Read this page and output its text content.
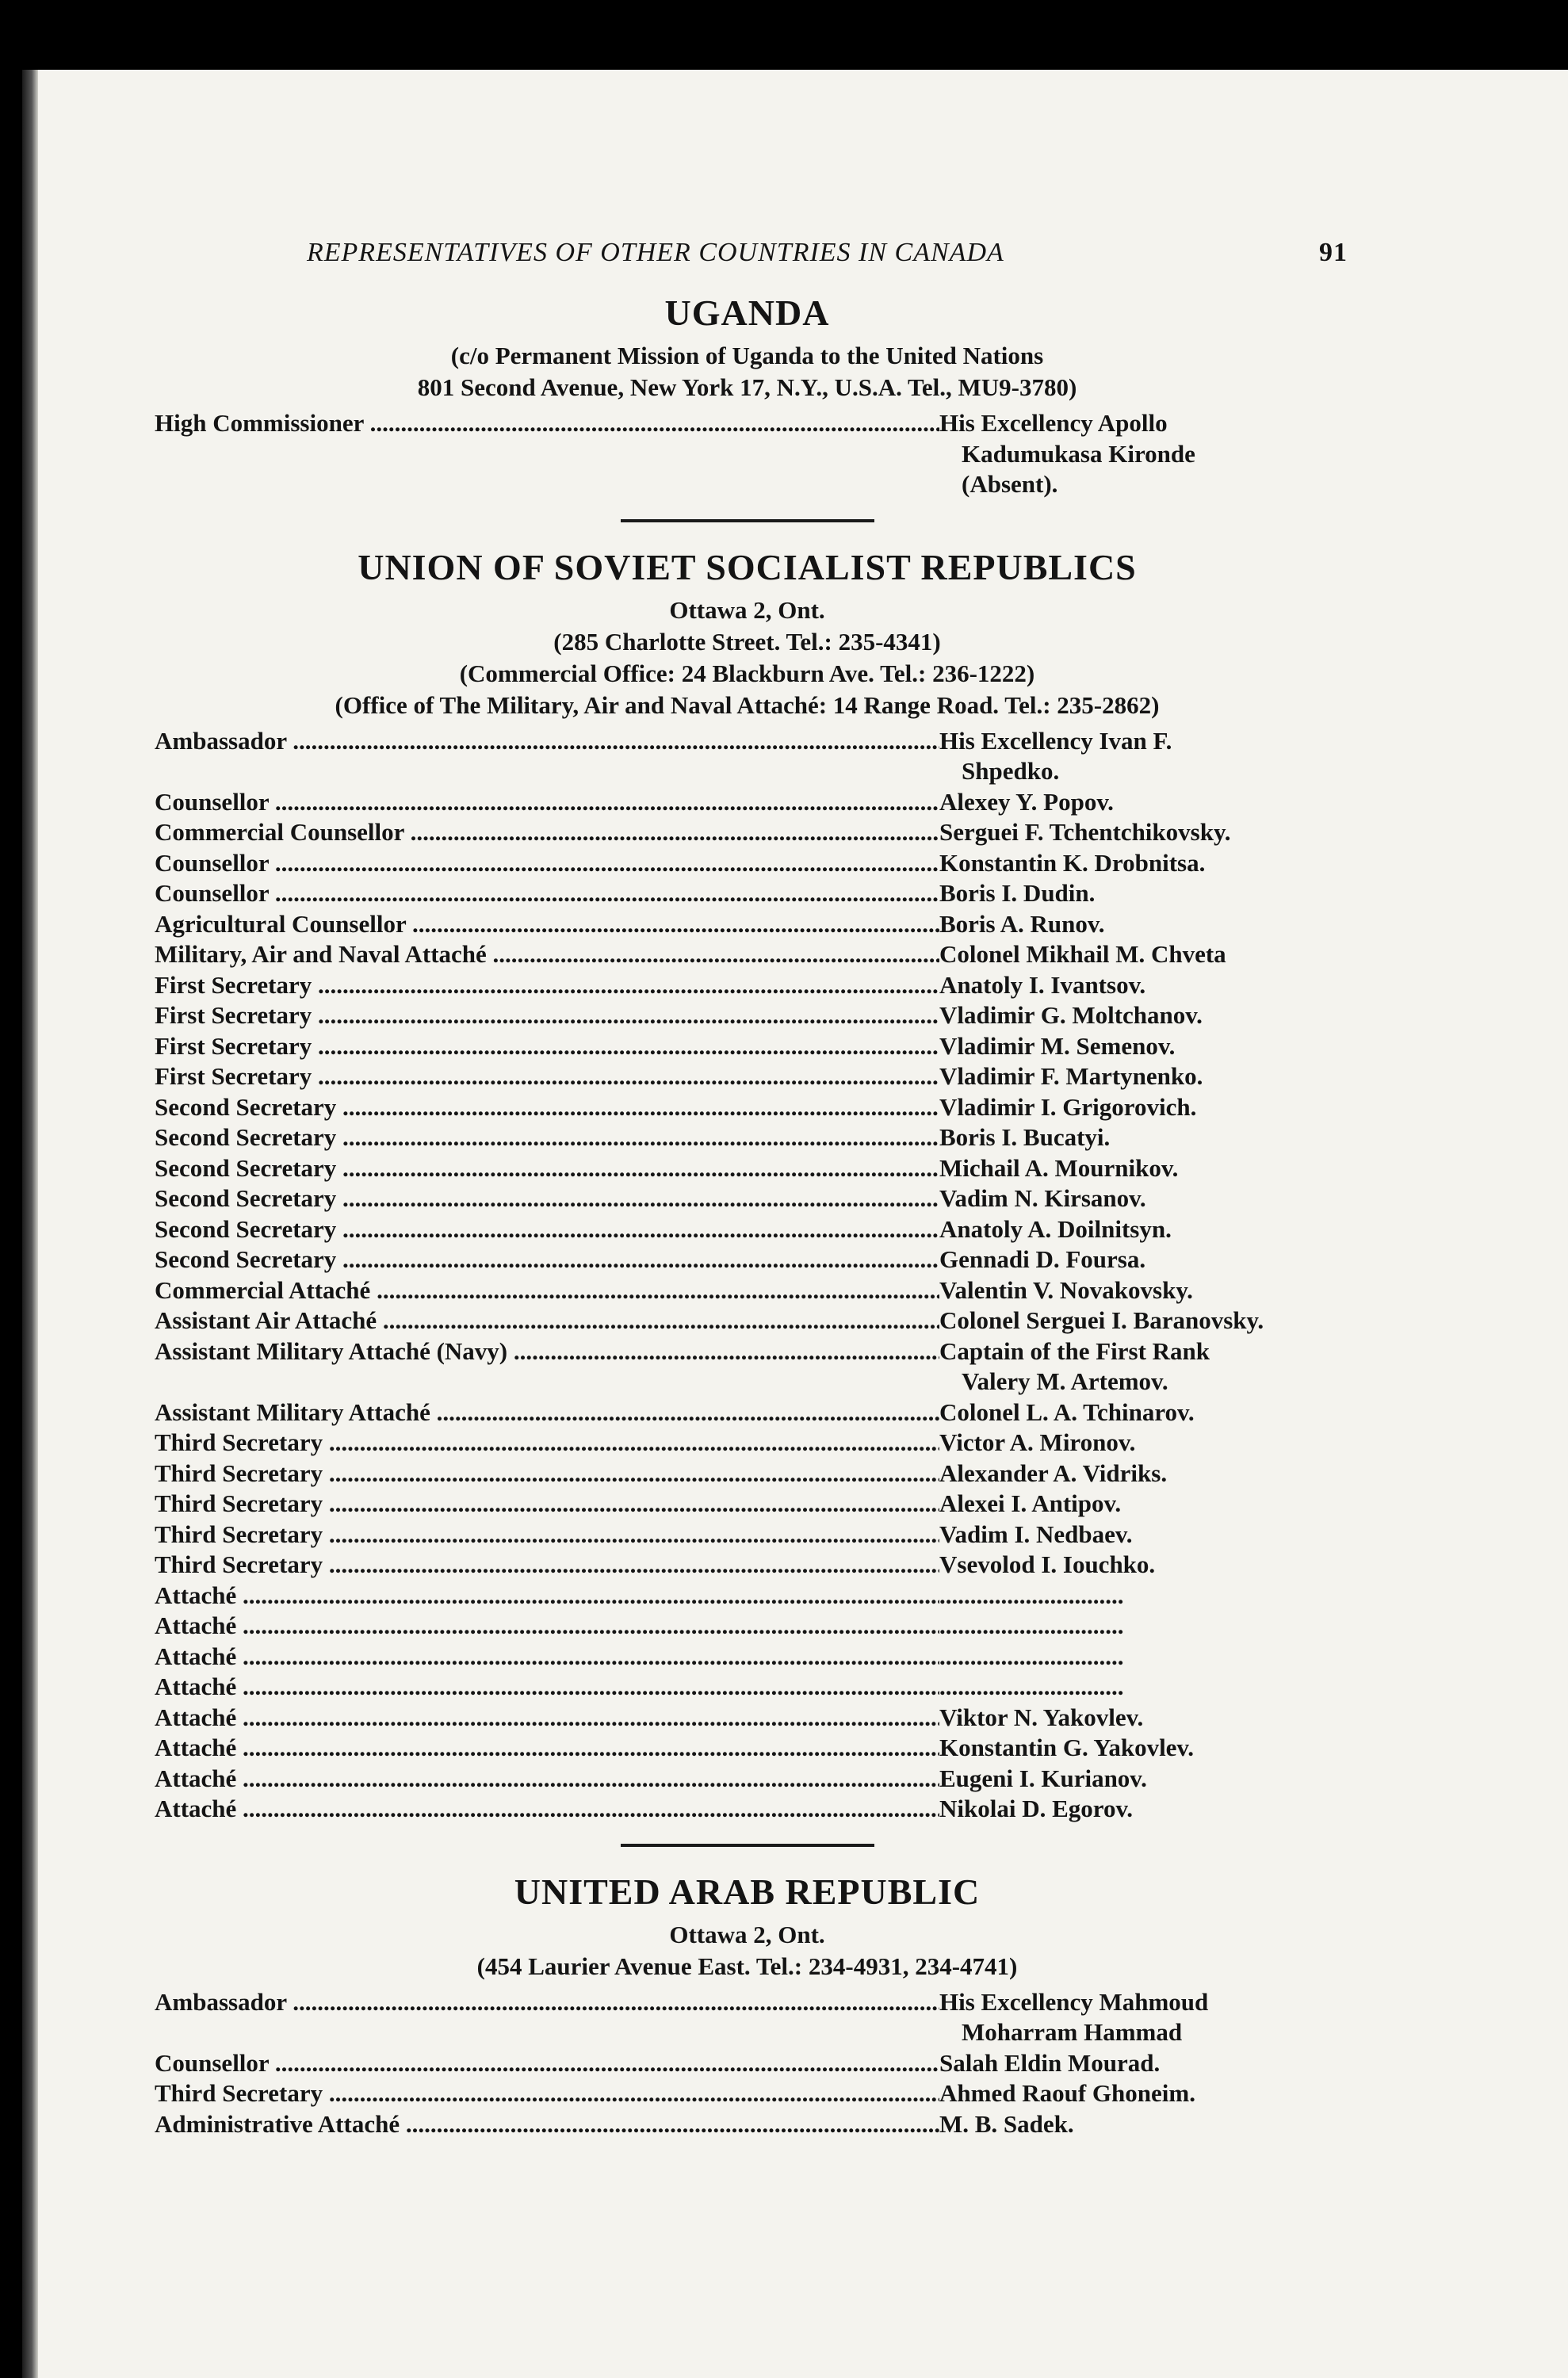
REPRESENTATIVES OF OTHER COUNTRIES IN CANADA	91
UGANDA
(c/o Permanent Mission of Uganda to the United Nations
801 Second Avenue, New York 17, N.Y., U.S.A. Tel., MU9-3780)
High Commissioner .....	His Excellency Apollo
Kadumukasa Kironde
(Absent).
UNION OF SOVIET SOCIALIST REPUBLICS
Ottawa 2, Ont.
(285 Charlotte Street. Tel.: 235-4341)
(Commercial Office: 24 Blackburn Ave. Tel.: 236-1222)
(Office of The Military, Air and Naval Attaché: 14 Range Road. Tel.: 235-2862)
Ambassador .....	His Excellency Ivan F.
Shpedko.
Counsellor .....	Alexey Y. Popov.
Commercial Counsellor .....	Serguei F. Tchentchikovsky.
Counsellor .....	Konstantin K. Drobnitsa.
Counsellor .....	Boris I. Dudin.
Agricultural Counsellor .....	Boris A. Runov.
Military, Air and Naval Attaché .....	Colonel Mikhail M. Chveta
First Secretary .....	Anatoly I. Ivantsov.
First Secretary .....	Vladimir G. Moltchanov.
First Secretary .....	Vladimir M. Semenov.
First Secretary .....	Vladimir F. Martynenko.
Second Secretary .....	Vladimir I. Grigorovich.
Second Secretary .....	Boris I. Bucatyi.
Second Secretary .....	Michail A. Mournikov.
Second Secretary .....	Vadim N. Kirsanov.
Second Secretary .....	Anatoly A. Doilnitsyn.
Second Secretary .....	Gennadi D. Foursa.
Commercial Attaché .....	Valentin V. Novakovsky.
Assistant Air Attaché .....	Colonel Serguei I. Baranovsky.
Assistant Military Attaché (Navy) .....	Captain of the First Rank
Valery M. Artemov.
Assistant Military Attaché .....	Colonel L. A. Tchinarov.
Third Secretary .....	Victor A. Mironov.
Third Secretary .....	Alexander A. Vidriks.
Third Secretary .....	Alexei I. Antipov.
Third Secretary .....	Vadim I. Nedbaev.
Third Secretary .....	Vsevolod I. Iouchko.
Attaché .....	..............................
Attaché .....	..............................
Attaché .....	..............................
Attaché .....	..............................
Attaché .....	Viktor N. Yakovlev.
Attaché .....	Konstantin G. Yakovlev.
Attaché .....	Eugeni I. Kurianov.
Attaché .....	Nikolai D. Egorov.
UNITED ARAB REPUBLIC
Ottawa 2, Ont.
(454 Laurier Avenue East. Tel.: 234-4931, 234-4741)
Ambassador .....	His Excellency Mahmoud
Moharram Hammad
Counsellor .....	Salah Eldin Mourad.
Third Secretary .....	Ahmed Raouf Ghoneim.
Administrative Attaché .....	M. B. Sadek.
